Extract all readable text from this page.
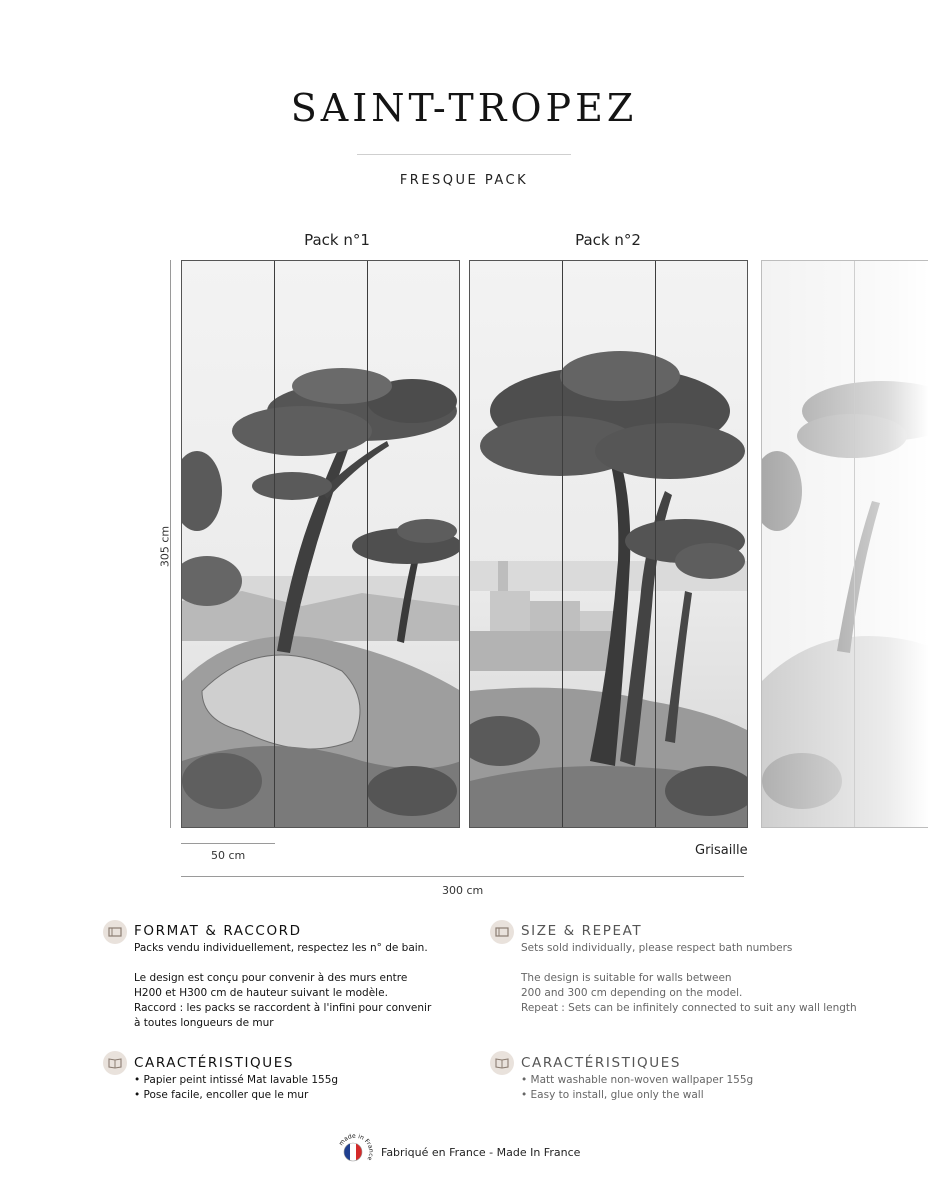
SAINT-TROPEZ
FRESQUE PACK
Pack n°1	Pack n°2
305 cm
50 cm	Grisaille
300 cm
FORMAT & RACCORD
Packs vendu individuellement, respectez les n° de bain.
Le design est conçu pour convenir à des murs entre
H200 et H300 cm de hauteur suivant le modèle.
Raccord : les packs se raccordent à l'infini pour convenir
à toutes longueurs de mur
SIZE & REPEAT
Sets sold individually, please respect bath numbers
The design is suitable for walls between
200 and 300 cm depending on the model.
Repeat : Sets can be infinitely connected to suit any wall length
CARACTÉRISTIQUES
• Papier peint intissé Mat lavable 155g
• Pose facile, encoller que le mur
CARACTÉRISTIQUES
• Matt washable non-woven wallpaper 155g
• Easy to install, glue only the wall
made in France Fabriqué en France - Made In France
